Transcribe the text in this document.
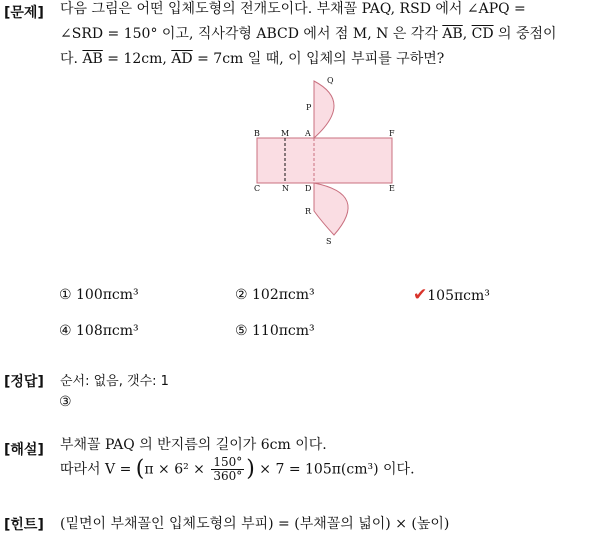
[문제] 다음 그림은 어떤 입체도형의 전개도이다. 부채꼴 PAQ, RSD 에서 ∠APQ =
∠SRD = 150° 이고, 직사각형 ABCD 에서 점 M, N 은 각각 $\overline{AB}$, $\overline{CD}$ 의 중점이
다. $\overline{AB} = 12cm$, $\overline{AD} = 7cm$ 일 때, 이 입체의 부피를 구하면?
Q
P
B	M A	F
C	N D	E
R
S
① 100πcm³	② 102πcm³	✔105πcm³
④ 108πcm³	⑤ 110πcm³
[정답] 순서: 없음, 갯수: 1
③
[해설] 부채꼴 PAQ 의 반지름의 길이가 6cm 이다.
따라서 $V = (\pi \times 6^2 \times \frac{150^\circ}{360^\circ}$ ) × 7 = 105π(cm³) 이다.
[힌트] (밑면이 부채꼴인 입체도형의 부피) = (부채꼴의 넓이) × (높이)
